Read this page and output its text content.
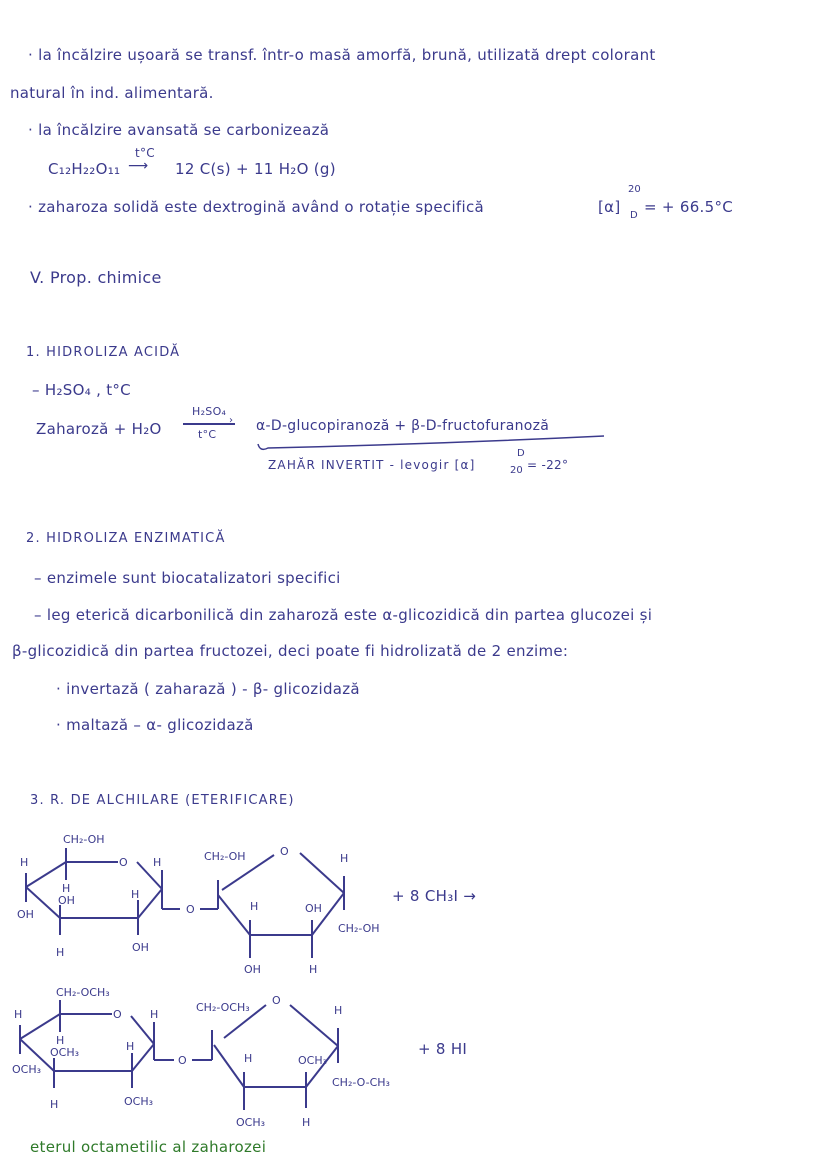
· la încălzire ușoară se transf. într-o masă amorfă, brună, utilizată drept colorant
natural în ind. alimentară.
· la încălzire avansată se carbonizează
C₁₂H₂₂O₁₁
t°C
⟶ 12 C(s) + 11 H₂O (g)
· zaharoza solidă este dextrogină având o rotație specifică	[α]
20
D = + 66.5°C
V. Prop. chimice
1. HIDROLIZA ACIDĂ
– H₂SO₄ , t°C
Zaharoză + H₂O
H₂SO₄
›
t°C
α-D-glucopiranoză + β-D-fructofuranoză
ZAHĂR INVERTIT - levogir [α]
D
20 = -22°
2. HIDROLIZA ENZIMATICĂ
– enzimele sunt biocatalizatori specifici
– leg eterică dicarbonilică din zaharoză este α-glicozidică din partea glucozei și
β-glicozidică din partea fructozei, deci poate fi hidrolizată de 2 enzime:
· invertază ( zaharază ) - β- glicozidază
· maltază – α- glicozidază
3. R. DE ALCHILARE (ETERIFICARE)
CH₂-OH
O
H	H
H
OH	H
OH
H	OH
O
CH₂-OH	O
H
H	OH
CH₂-OH
OH	H
CH₂-OCH₃
O
H	H
H
OCH₃	H
OCH₃
H	OCH₃
O
CH₂-OCH₃
O
H
H	OCH₃
CH₂-O-CH₃
OCH₃	H
+ 8 CH₃I →
+ 8 HI
eterul octametilic al zaharozei
